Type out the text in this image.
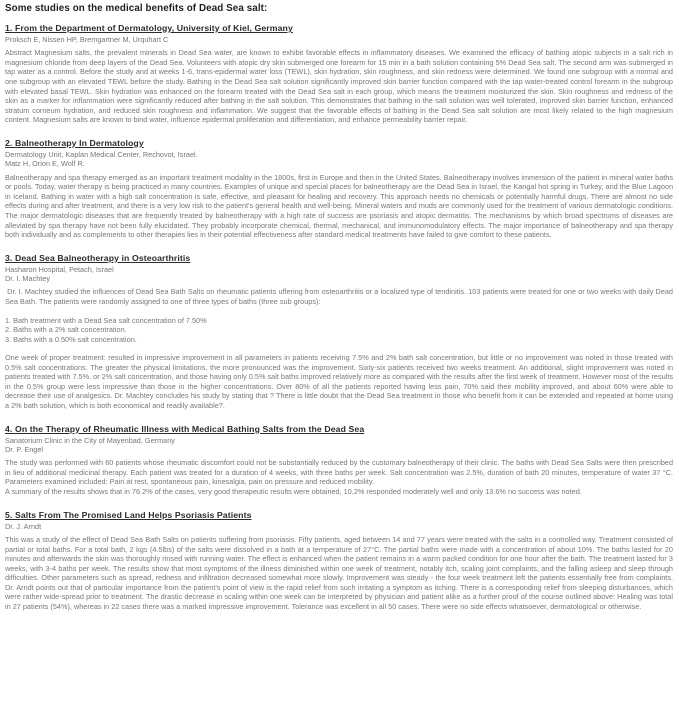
Some studies on the medical benefits of Dead Sea salt:
1. From the Department of Dermatology, University of Kiel, Germany
Proksch E, Nissen HP, Bremgartner M, Urquhart C

Abstract Magnesium salts, the prevalent minerals in Dead Sea water, are known to exhibit favorable effects in inflammatory diseases. We examined the efficacy of bathing atopic subjects in a salt rich in magnesium chloride from deep layers of the Dead Sea. Volunteers with atopic dry skin submerged one forearm for 15 min in a bath solution containing 5% Dead Sea salt. The second arm was submerged in tap water as a control. Before the study and at weeks 1-6, trans-epidermal water loss (TEWL), skin hydration, skin roughness, and skin redness were determined. We found one subgroup with a normal and one subgroup with an elevated TEWL before the study. Bathing in the Dead Sea salt solution significantly improved skin barrier function compared with the tap water-treated control forearm in the subgroup with elevated basal TEWL. Skin hydration was enhanced on the forearm treated with the Dead Sea salt in each group, which means the treatment moisturized the skin. Skin roughness and redness of the skin as a marker for inflammation were significantly reduced after bathing in the salt solution. This demonstrates that bathing in the salt solution was well tolerated, improved skin barrier function, enhanced stratum corneum hydration, and reduced skin roughness and inflammation. We suggest that the favorable effects of bathing in the Dead Sea salt solution are most likely related to the high magnesium content. Magnesium salts are known to bind water, influence epidermal proliferation and differentiation, and enhance permeability barrier repair.

2. Balneotherapy In Dermatology
Dermatology Unit, Kaplan Medical Center, Rechovot, Israel.
Matz H, Orion E, Wolf R.

Balneotherapy and spa therapy emerged as an important treatment modality in the 1800s, first in Europe and then in the United States. Balneotherapy involves immersion of the patient in mineral water baths or pools. Today, water therapy is being practiced in many countries. Examples of unique and special places for balneotherapy are the Dead Sea in Israel, the Kangal hot spring in Turkey, and the Blue Lagoon in Iceland. Bathing in water with a high salt concentration is safe, effective, and pleasant for healing and recovery. This approach needs no chemicals or potentially harmful drugs. There are almost no side effects during and after treatment, and there is a very low risk to the patient's general health and well-being. Mineral waters and muds are commonly used for the treatment of various dermatologic conditions. The major dermatologic diseases that are frequently treated by balneotherapy with a high rate of success are psoriasis and atopic dermatitis. The mechanisms by which broad spectrums of diseases are alleviated by spa therapy have not been fully elucidated. They probably incorporate chemical, thermal, mechanical, and immunomodulatory effects. The major importance of balneotherapy and spa therapy both individually and as complements to other therapies lies in their potential effectiveness after standard medical treatments have failed to give comfort to these patients.

3. Dead Sea Balneotherapy in Osteoarthritis
Hasharon Hospital, Petach, Israel
Dr. I. Machtey

Dr. I. Machtey studied the influences of Dead Sea Bath Salts on rheumatic patients uffering from osteoarthritis or a localized type of tendinitis. 103 patients were treated for one or two weeks with daily Dead Sea Bath. The patients were randomly assigned to one of three types of baths (three sub groups):

1. Bath treatment with a Dead Sea salt concentration of 7.50%
2. Baths with a 2% salt concentration.
3. Baths with a 0.50% salt concentration.

One week of proper treatment: resulted in impressive improvement in all parameters in patients receiving 7.5% and 2% bath salt concentration, but little or no improvement was noted in those treated with 0.5% salt concentrations. The greater the physical limitations, the more pronounced was the improvement. Sixty-six patients received two weeks treatment. An additional, slight improvement was noted in patients treated with 7.5%. or 2% salt concentration, and those having only 0.5% salt baths improved relatively more as compared with the results after the first week of treatment. However most of the results in the 0.5% group were less impressive than those in the higher concentrations. Over 80% of all the patients reported having less pain, 70% said their mobility improved, and about 60% were able to decrease their use of analgesics. Dr. Machtey concludes his study by stating that ? There is little doubt that the Dead Sea treatment in those who benefit from it can be extended and repeated at home using a 2% bath solution, which is both economical and readily available?.

4. On the Therapy of Rheumatic Illness with Medical Bathing Salts from the Dead Sea
Sanatorium Clinic in the City of Mayenbad, Germany
Dr. P. Engel

The study was performed with 60 patients whose rheumatic discomfort could not be substantially reduced by the customary balneotherapy of their clinic. The baths with Dead Sea Salts were then prescribed in lieu of additional medicinal therapy. Each patient was treated for a duration of 4 weeks, with three baths per week. Salt concentration was 2.5%, duration of bath 20 minutes, temperature of water 37 °C. Parameters examined included: Pain at rest, spontaneous pain, kinesalgia, pain on pressure and reduced mobility.

A summary of the results shows that in 76.2% of the cases, very good therapeutic results were obtained, 10.2% responded moderately well and only 13.6% no success was noted.

5. Salts From The Promised Land Helps Psoriasis Patients
Dr. J. Arndt

This was a study of the effect of Dead Sea Bath Salts on patients suffering from psoriasis. Fifty patients, aged between 14 and 77 years were treated with the salts in a controlled way. Treatment consisted of partial or total baths. For a total bath, 2 kgs (4.5lbs) of the salts were dissolved in a bath at a temperature of 27°C. The partial baths were made with a concentration of about 10%. The baths lasted for 20 minutes and afterwards the skin was thoroughly rinsed with running water. The effect is enhanced when the patient remains in a warm packed condition for one hour after the bath. The treatment lasted for 3 weeks, with 3-4 baths per week. The results show that most symptoms of the illness diminished within one week of treatment, notably itch, scaling joint complaints, and the falling asleep and sleep through difficulties. Other parameters such as spread, redness and infiltration decreased somewhat more slowly. Improvement was steady - the four week treatment left the patients essentially free from complaints. Dr. Arndt points out that of particular importance from the patient's point of view is the rapid relief from such irritating a symptom as itching. There is a corresponding relief from sleeping disturbances, which were rather wide-spread prior to treatment. The drastic decrease in scaling within one week can be interpreted by physician and patient alike as a further proof of the course outlined above: Healing was total in 27 patients (54%), whereas in 22 cases there was a marked impressive improvement. Tolerance was excellent in all 50 cases. There were no side effects whatsoever, dermatological or otherwise.
